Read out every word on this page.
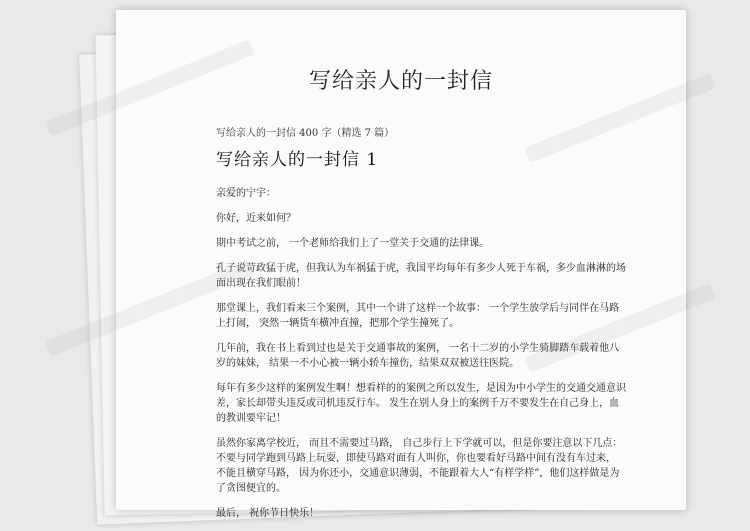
写给亲人的一封信
写给亲人的一封信 400 字（精选 7 篇）
写给亲人的一封信 1

亲爱的宁宇：

你好，近来如何？

期中考试之前， 一个老师给我们上了一堂关于交通的法律课。

孔子说苛政猛于虎，但我认为车祸猛于虎，我国平均每年有多少人死于车祸，多少血淋淋的场面出现在我们眼前！

那堂课上，我们看来三个案例，其中一个讲了这样一个故事： 一个学生放学后与同伴在马路上打闹， 突然一辆货车横冲直撞，把那个学生撞死了。

几年前，我在书上看到过也是关于交通事故的案例， 一名十二岁的小学生骑脚踏车载着他八岁的妹妹， 结果一不小心被一辆小轿车撞伤，结果双双被送往医院。

每年有多少这样的案例发生啊！想看样的的案例之所以发生，是因为中小学生的交通交通意识差，家长却带头违反或司机违反行车。 发生在别人身上的案例千万不要发生在自己身上，血的教训要牢记！

虽然你家离学校近， 而且不需要过马路， 自己步行上下学就可以，但是你要注意以下几点：不要与同学跑到马路上玩耍，即使马路对面有人叫你，你也要看好马路中间有没有车过来， 不能且横穿马路， 因为你还小，交通意识薄弱，不能跟着大人“有样学样”，他们这样做是为了贪图便宜的。

最后， 祝你节日快乐！
